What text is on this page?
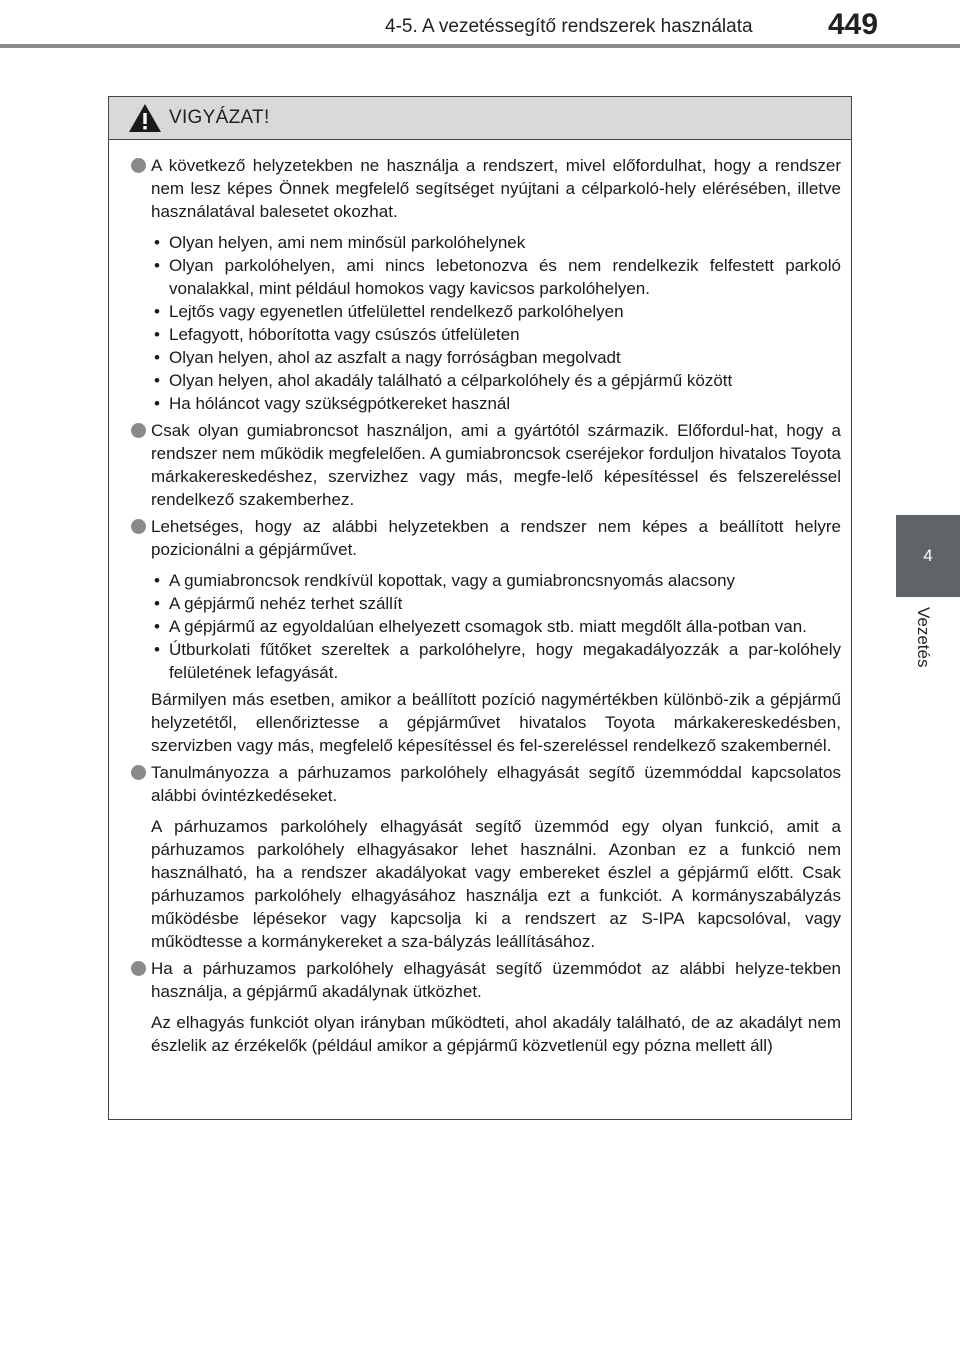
4-5. A vezetéssegítő rendszerek használata	449
4
Vezetés
VIGYÁZAT!
A következő helyzetekben ne használja a rendszert, mivel előfordulhat, hogy a rendszer nem lesz képes Önnek megfelelő segítséget nyújtani a célparkoló-hely elérésében, illetve használatával balesetet okozhat.
• Olyan helyen, ami nem minősül parkolóhelynek
• Olyan parkolóhelyen, ami nincs lebetonozva és nem rendelkezik felfestett parkoló vonalakkal, mint például homokos vagy kavicsos parkolóhelyen.
• Lejtős vagy egyenetlen útfelülettel rendelkező parkolóhelyen
• Lefagyott, hóborította vagy csúszós útfelületen
• Olyan helyen, ahol az aszfalt a nagy forróságban megolvadt
• Olyan helyen, ahol akadály található a célparkolóhely és a gépjármű között
• Ha hóláncot vagy szükségpótkereket használ
Csak olyan gumiabroncsot használjon, ami a gyártótól származik. Előfordul-hat, hogy a rendszer nem működik megfelelően. A gumiabroncsok cseréjekor forduljon hivatalos Toyota márkakereskedéshez, szervizhez vagy más, megfe-lelő képesítéssel és felszereléssel rendelkező szakemberhez.
Lehetséges, hogy az alábbi helyzetekben a rendszer nem képes a beállított helyre pozicionálni a gépjárművet.
• A gumiabroncsok rendkívül kopottak, vagy a gumiabroncsnyomás alacsony
• A gépjármű nehéz terhet szállít
• A gépjármű az egyoldalúan elhelyezett csomagok stb. miatt megdőlt álla-potban van.
• Útburkolati fűtőket szereltek a parkolóhelyre, hogy megakadályozzák a par-kolóhely felületének lefagyását.
Bármilyen más esetben, amikor a beállított pozíció nagymértékben különbö-zik a gépjármű helyzetétől, ellenőriztesse a gépjárművet hivatalos Toyota márkakereskedésben, szervizben vagy más, megfelelő képesítéssel és fel-szereléssel rendelkező szakembernél.
Tanulmányozza a párhuzamos parkolóhely elhagyását segítő üzemmóddal kapcsolatos alábbi óvintézkedéseket.
A párhuzamos parkolóhely elhagyását segítő üzemmód egy olyan funkció, amit a párhuzamos parkolóhely elhagyásakor lehet használni. Azonban ez a funkció nem használható, ha a rendszer akadályokat vagy embereket észlel a gépjármű előtt. Csak párhuzamos parkolóhely elhagyásához használja ezt a funkciót. A kormányszabályzás működésbe lépésekor vagy kapcsolja ki a rendszert az S-IPA kapcsolóval, vagy működtesse a kormánykereket a sza-bályzás leállításához.
Ha a párhuzamos parkolóhely elhagyását segítő üzemmódot az alábbi helyze-tekben használja, a gépjármű akadálynak ütközhet.
Az elhagyás funkciót olyan irányban működteti, ahol akadály található, de az akadályt nem észlelik az érzékelők (például amikor a gépjármű közvetlenül egy pózna mellett áll)
